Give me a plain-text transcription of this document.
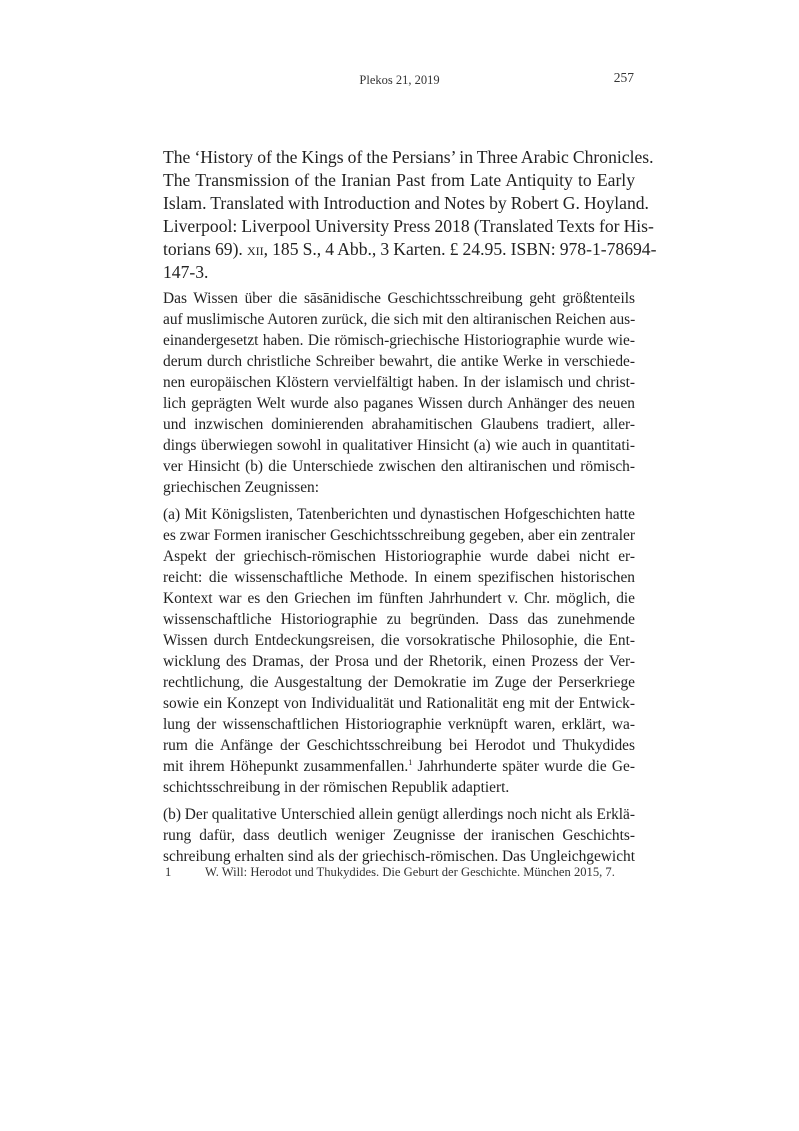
Plekos 21, 2019	257

The ‘History of the Kings of the Persians’ in Three Arabic Chronicles.
The Transmission of the Iranian Past from Late Antiquity to Early
Islam. Translated with Introduction and Notes by Robert G. Hoyland.
Liverpool: Liverpool University Press 2018 (Translated Texts for His-
torians 69). xii, 185 S., 4 Abb., 3 Karten. £ 24.95. ISBN: 978-1-78694-
147-3.

Das Wissen über die sāsānidische Geschichtsschreibung geht größtenteils
auf muslimische Autoren zurück, die sich mit den altiranischen Reichen aus-
einandergesetzt haben. Die römisch-griechische Historiographie wurde wie-
derum durch christliche Schreiber bewahrt, die antike Werke in verschiede-
nen europäischen Klöstern vervielfältigt haben. In der islamisch und christ-
lich geprägten Welt wurde also paganes Wissen durch Anhänger des neuen
und inzwischen dominierenden abrahamitischen Glaubens tradiert, aller-
dings überwiegen sowohl in qualitativer Hinsicht (a) wie auch in quantitati-
ver Hinsicht (b) die Unterschiede zwischen den altiranischen und römisch-
griechischen Zeugnissen:

(a) Mit Königslisten, Tatenberichten und dynastischen Hofgeschichten hatte
es zwar Formen iranischer Geschichtsschreibung gegeben, aber ein zentraler
Aspekt der griechisch-römischen Historiographie wurde dabei nicht er-
reicht: die wissenschaftliche Methode. In einem spezifischen historischen
Kontext war es den Griechen im fünften Jahrhundert v. Chr. möglich, die
wissenschaftliche Historiographie zu begründen. Dass das zunehmende
Wissen durch Entdeckungsreisen, die vorsokratische Philosophie, die Ent-
wicklung des Dramas, der Prosa und der Rhetorik, einen Prozess der Ver-
rechtlichung, die Ausgestaltung der Demokratie im Zuge der Perserkriege
sowie ein Konzept von Individualität und Rationalität eng mit der Entwick-
lung der wissenschaftlichen Historiographie verknüpft waren, erklärt, wa-
rum die Anfänge der Geschichtsschreibung bei Herodot und Thukydides
mit ihrem Höhepunkt zusammenfallen.$^1$ Jahrhunderte später wurde die Ge-
schichtsschreibung in der römischen Republik adaptiert.

(b) Der qualitative Unterschied allein genügt allerdings noch nicht als Erklä-
rung dafür, dass deutlich weniger Zeugnisse der iranischen Geschichts-
schreibung erhalten sind als der griechisch-römischen. Das Ungleichgewicht

1	W. Will: Herodot und Thukydides. Die Geburt der Geschichte. München 2015, 7.
